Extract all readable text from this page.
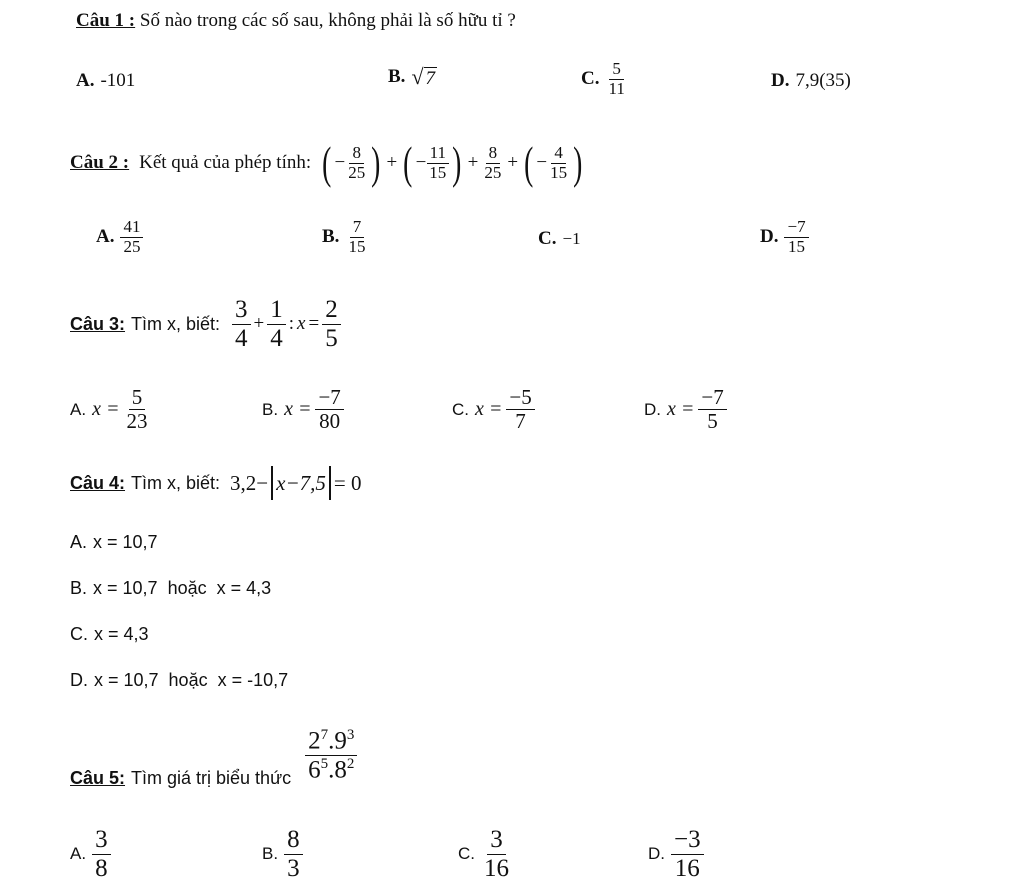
Câu 1 : Số nào trong các số sau, không phải là số hữu tỉ ?
A. -101	B. √ 7	C. $\frac{5}{11}$	D. 7,9(35)
Câu 2 : Kết quả của phép tính: ( − $\frac{8}{25}$ ) + ( − $\frac{11}{15}$ ) + $\frac{8}{25}$ + ( − $\frac{4}{15}$ )
A. $\frac{41}{25}$	B. $\frac{7}{15}$	C. −1	D. $\frac{-7}{15}$
Câu 3: Tìm x, biết: $\frac{3}{4} + \frac{1}{4}$ : $x = \frac{2}{5}$
A. $x = \frac{5}{23}$	B. $x = \frac{-7}{80}$	C. $x = \frac{-5}{7}$	D. $x = \frac{-7}{5}$
Câu 4: Tìm x, biết: 3,2− x−7,5 = 0
A. x = 10,7
B. x = 10,7  hoặc  x = 4,3
C. x = 4,3
D. x = 10,7  hoặc  x = -10,7
Câu 5: Tìm giá trị biểu thức $\frac{2^7.9^3}{6^5.8^2}$
A. $\frac{3}{8}$	B. $\frac{8}{3}$	C. $\frac{3}{16}$	D. $\frac{-3}{16}$
